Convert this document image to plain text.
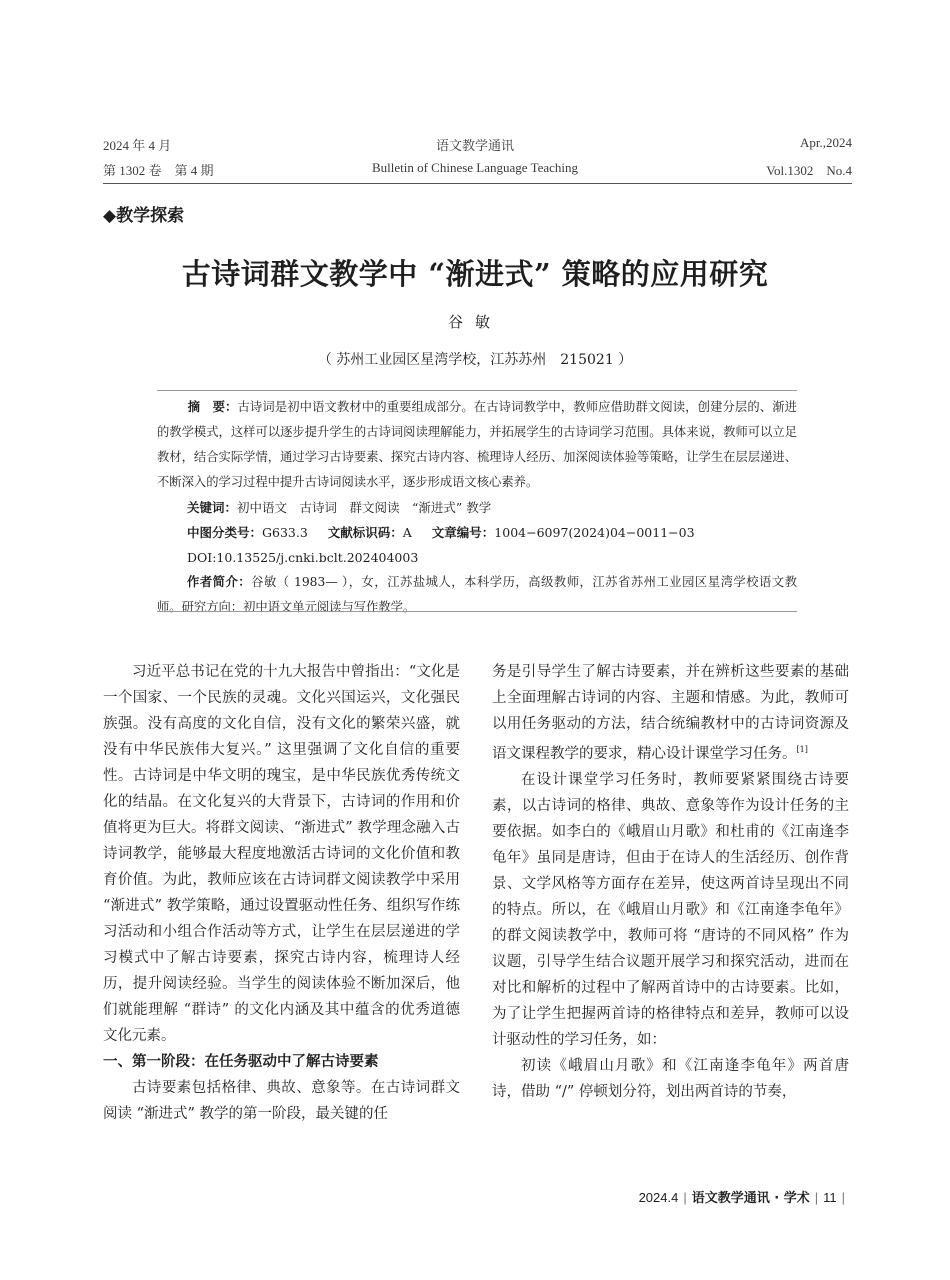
2024 年 4 月
第 1302 卷　第 4 期
语文教学通讯
Bulletin of Chinese Language Teaching
Apr.,2024
Vol.1302　No.4
◆教学探索
古诗词群文教学中 “渐进式” 策略的应用研究
谷敏
（ 苏州工业园区星湾学校，江苏苏州　215021 ）

摘　要：古诗词是初中语文教材中的重要组成部分。在古诗词教学中，教师应借助群文阅读，创建分层的、渐进的教学模式，这样可以逐步提升学生的古诗词阅读理解能力，并拓展学生的古诗词学习范围。具体来说，教师可以立足教材，结合实际学情，通过学习古诗要素、探究古诗内容、梳理诗人经历、加深阅读体验等策略，让学生在层层递进、不断深入的学习过程中提升古诗词阅读水平，逐步形成语文核心素养。

关键词：初中语文　古诗词　群文阅读　“渐进式” 教学
中图分类号：G633.3 文献标识码：A 文章编号：1004−6097(2024)04−0011−03
DOI:10.13525/j.cnki.bclt.202404003

作者简介：谷敏（ 1983— ），女，江苏盐城人，本科学历，高级教师，江苏省苏州工业园区星湾学校语文教师。研究方向：初中语文单元阅读与写作教学。

习近平总书记在党的十九大报告中曾指出：“文化是一个国家、一个民族的灵魂。文化兴国运兴，文化强民族强。没有高度的文化自信，没有文化的繁荣兴盛，就没有中华民族伟大复兴。” 这里强调了文化自信的重要性。古诗词是中华文明的瑰宝，是中华民族优秀传统文化的结晶。在文化复兴的大背景下，古诗词的作用和价值将更为巨大。将群文阅读、“渐进式” 教学理念融入古诗词教学，能够最大程度地激活古诗词的文化价值和教育价值。为此，教师应该在古诗词群文阅读教学中采用 “渐进式” 教学策略，通过设置驱动性任务、组织写作练习活动和小组合作活动等方式，让学生在层层递进的学习模式中了解古诗要素，探究古诗内容，梳理诗人经历，提升阅读经验。当学生的阅读体验不断加深后，他们就能理解 “群诗” 的文化内涵及其中蕴含的优秀道德文化元素。

一、第一阶段：在任务驱动中了解古诗要素

古诗要素包括格律、典故、意象等。在古诗词群文阅读 “渐进式” 教学的第一阶段，最关键的任

务是引导学生了解古诗要素，并在辨析这些要素的基础上全面理解古诗词的内容、主题和情感。为此，教师可以用任务驱动的方法，结合统编教材中的古诗词资源及语文课程教学的要求，精心设计课堂学习任务。[1]

在设计课堂学习任务时，教师要紧紧围绕古诗要素，以古诗词的格律、典故、意象等作为设计任务的主要依据。如李白的《峨眉山月歌》和杜甫的《江南逢李龟年》虽同是唐诗，但由于在诗人的生活经历、创作背景、文学风格等方面存在差异，使这两首诗呈现出不同的特点。所以，在《峨眉山月歌》和《江南逢李龟年》的群文阅读教学中，教师可将 “唐诗的不同风格” 作为议题，引导学生结合议题开展学习和探究活动，进而在对比和解析的过程中了解两首诗中的古诗要素。比如，为了让学生把握两首诗的格律特点和差异，教师可以设计驱动性的学习任务，如：

初读《峨眉山月歌》和《江南逢李龟年》两首唐诗，借助 “/” 停顿划分符，划出两首诗的节奏，

2024.4 | 语文教学通讯 · 学术 | 11 |
